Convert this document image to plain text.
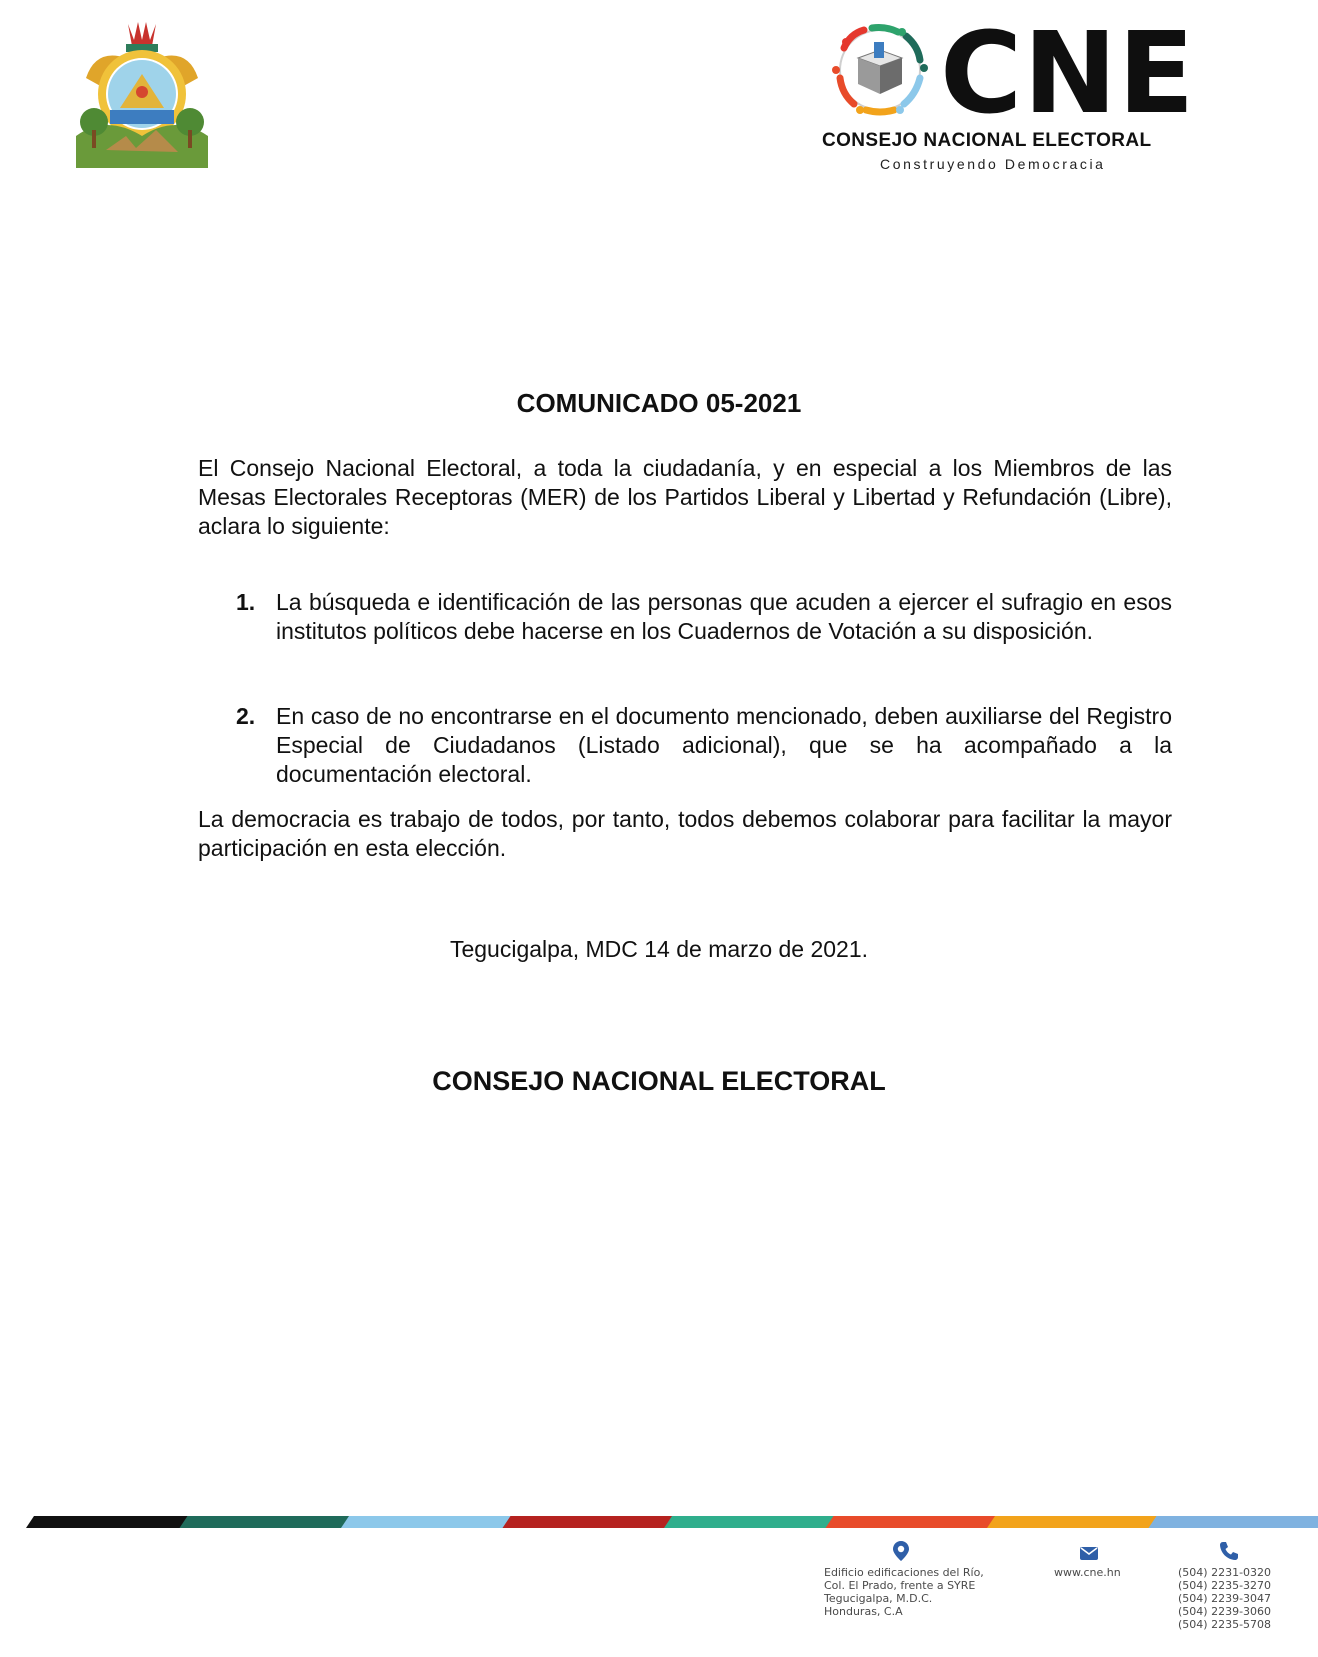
CNE
CONSEJO NACIONAL ELECTORAL
Construyendo Democracia
COMUNICADO 05-2021
El Consejo Nacional Electoral, a toda la ciudadanía, y en especial a los Miembros de las Mesas Electorales Receptoras (MER) de los Partidos Liberal y Libertad y Refundación (Libre), aclara lo siguiente:
1. La búsqueda e identificación de las personas que acuden a ejercer el sufragio en esos institutos políticos debe hacerse en los Cuadernos de Votación a su disposición.
2. En caso de no encontrarse en el documento mencionado, deben auxiliarse del Registro Especial de Ciudadanos (Listado adicional), que se ha acompañado a la documentación electoral.
La democracia es trabajo de todos, por tanto, todos debemos colaborar para facilitar la mayor participación en esta elección.
Tegucigalpa, MDC 14 de marzo de 2021.
CONSEJO NACIONAL ELECTORAL
Edificio edificaciones del Río,
Col. El Prado, frente a SYRE
Tegucigalpa, M.D.C.
Honduras, C.A
www.cne.hn	(504) 2231-0320
(504) 2235-3270
(504) 2239-3047
(504) 2239-3060
(504) 2235-5708
